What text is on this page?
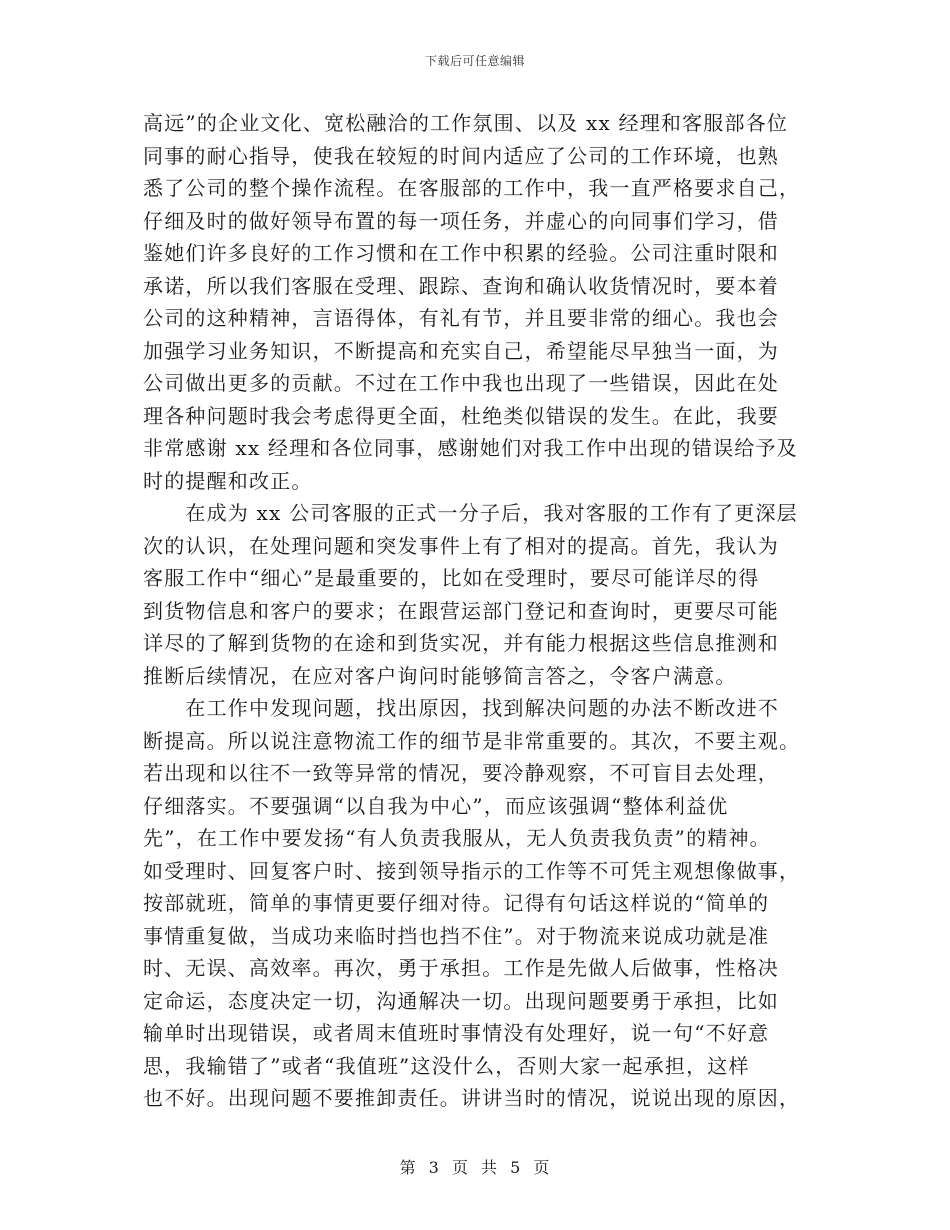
下载后可任意编辑
高远”的企业文化、宽松融洽的工作氛围、以及 xx 经理和客服部各位
同事的耐心指导，使我在较短的时间内适应了公司的工作环境，也熟
悉了公司的整个操作流程。在客服部的工作中，我一直严格要求自己，
仔细及时的做好领导布置的每一项任务，并虚心的向同事们学习，借
鉴她们许多良好的工作习惯和在工作中积累的经验。公司注重时限和
承诺，所以我们客服在受理、跟踪、查询和确认收货情况时，要本着
公司的这种精神，言语得体，有礼有节，并且要非常的细心。我也会
加强学习业务知识，不断提高和充实自己，希望能尽早独当一面，为
公司做出更多的贡献。不过在工作中我也出现了一些错误，因此在处
理各种问题时我会考虑得更全面，杜绝类似错误的发生。在此，我要
非常感谢 xx 经理和各位同事，感谢她们对我工作中出现的错误给予及
时的提醒和改正。
　　在成为 xx 公司客服的正式一分子后，我对客服的工作有了更深层
次的认识，在处理问题和突发事件上有了相对的提高。首先，我认为
客服工作中“细心”是最重要的，比如在受理时，要尽可能详尽的得
到货物信息和客户的要求；在跟营运部门登记和查询时，更要尽可能
详尽的了解到货物的在途和到货实况，并有能力根据这些信息推测和
推断后续情况，在应对客户询问时能够简言答之，令客户满意。
　　在工作中发现问题，找出原因，找到解决问题的办法不断改进不
断提高。所以说注意物流工作的细节是非常重要的。其次，不要主观。
若出现和以往不一致等异常的情况，要冷静观察，不可盲目去处理，
仔细落实。不要强调“以自我为中心”，而应该强调“整体利益优
先”，在工作中要发扬“有人负责我服从，无人负责我负责”的精神。
如受理时、回复客户时、接到领导指示的工作等不可凭主观想像做事，
按部就班，简单的事情更要仔细对待。记得有句话这样说的“简单的
事情重复做，当成功来临时挡也挡不住”。对于物流来说成功就是准
时、无误、高效率。再次，勇于承担。工作是先做人后做事，性格决
定命运，态度决定一切，沟通解决一切。出现问题要勇于承担，比如
输单时出现错误，或者周末值班时事情没有处理好，说一句“不好意
思，我输错了”或者“我值班”这没什么，否则大家一起承担，这样
也不好。出现问题不要推卸责任。讲讲当时的情况，说说出现的原因，
第 3 页 共 5 页
